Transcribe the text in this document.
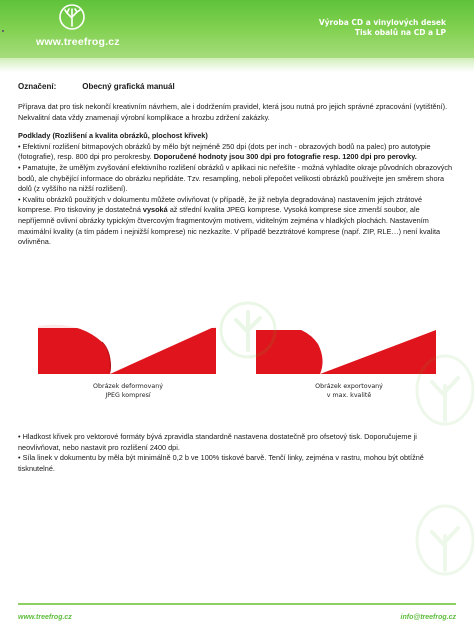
www.treefrog.cz
Výroba CD a vinylových desek
Tisk obalů na CD a LP
Označení:	Obecný grafická manuál

Příprava dat pro tisk nekončí kreativním návrhem, ale i dodržením pravidel, která jsou nutná pro jejich správné zpracování (vytištění). Nekvalitní data vždy znamenají výrobní komplikace a hrozbu zdržení zakázky.

Podklady (Rozlišení a kvalita obrázků, plochost křivek)

• Efektivní rozlišení bitmapových obrázků by mělo být nejméně 250 dpi (dots per inch - obrazových bodů na palec) pro autotypie (fotografie), resp. 800 dpi pro perokresby. Doporučené hodnoty jsou 300 dpi pro fotografie resp. 1200 dpi pro perovky.

• Pamatujte, že umělým zvyšování efektivního rozlišení obrázků v aplikaci nic neřešíte - možná vyhladíte okraje původních obrazových bodů, ale chybějící informace do obrázku nepřidáte. Tzv. resampling, neboli přepočet velikosti obrázků používejte jen směrem shora dolů (z vyššího na nižší rozlišení).

• Kvalitu obrázků použitých v dokumentu můžete ovlivňovat (v případě, že již nebyla degradována) nastavením jejich ztrátové komprese. Pro tiskoviny je dostatečná vysoká až střední kvalita JPEG komprese. Vysoká komprese sice zmenší soubor, ale nepříjemně ovlivní obrázky typickým čtvercovým fragmentovým motivem, viditelným zejména v hladkých plochách. Nastavením maximální kvality (a tím pádem i nejnižší komprese) nic nezkazíte. V případě bezztrátové komprese (např. ZIP, RLE…) není kvalita ovlivněna.

Obrázek deformovaný
JPEG kompresí
Obrázek exportovaný
v max. kvalitě

• Hladkost křivek pro vektorové formáty bývá zpravidla standardně nastavena dostatečně pro ofsetový tisk. Doporučujeme ji neovlivňovat, nebo nastavit pro rozlišení 2400 dpi.

• Síla linek v dokumentu by měla být minimálně 0,2 b ve 100% tiskové barvě. Tenčí linky, zejména v rastru, mohou být obtížně tisknutelné.

www.treefrog.cz	info@treefrog.cz
